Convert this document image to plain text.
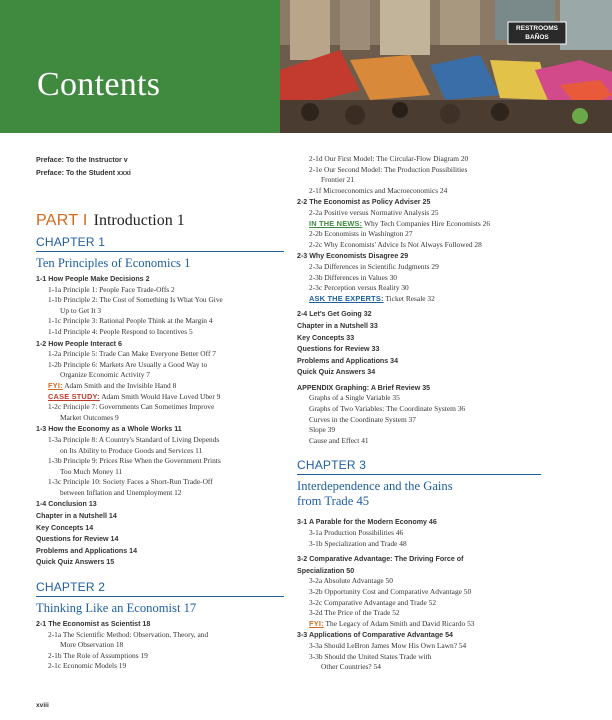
Contents
RESTROOMS
BAÑOS
Preface: To the Instructor v
Preface: To the Student xxxi
PART I Introduction 1
CHAPTER 1
Ten Principles of Economics 1
1-1 How People Make Decisions 2
1-1a Principle 1: People Face Trade-Offs 2
1-1b Principle 2: The Cost of Something Is What You Give
Up to Get It 3
1-1c Principle 3: Rational People Think at the Margin 4
1-1d Principle 4: People Respond to Incentives 5
1-2 How People Interact 6
1-2a Principle 5: Trade Can Make Everyone Better Off 7
1-2b Principle 6: Markets Are Usually a Good Way to
Organize Economic Activity 7
FYI: Adam Smith and the Invisible Hand 8
CASE STUDY: Adam Smith Would Have Loved Uber 9
1-2c Principle 7: Governments Can Sometimes Improve
Market Outcomes 9
1-3 How the Economy as a Whole Works 11
1-3a Principle 8: A Country's Standard of Living Depends
on Its Ability to Produce Goods and Services 11
1-3b Principle 9: Prices Rise When the Government Prints
Too Much Money 11
1-3c Principle 10: Society Faces a Short-Run Trade-Off
between Inflation and Unemployment 12
1-4 Conclusion 13
Chapter in a Nutshell 14
Key Concepts 14
Questions for Review 14
Problems and Applications 14
Quick Quiz Answers 15
CHAPTER 2
Thinking Like an Economist 17
2-1 The Economist as Scientist 18
2-1a The Scientific Method: Observation, Theory, and
More Observation 18
2-1b The Role of Assumptions 19
2-1c Economic Models 19
2-1d Our First Model: The Circular-Flow Diagram 20
2-1e Our Second Model: The Production Possibilities
Frontier 21
2-1f Microeconomics and Macroeconomics 24
2-2 The Economist as Policy Adviser 25
2-2a Positive versus Normative Analysis 25
IN THE NEWS: Why Tech Companies Hire Economists 26
2-2b Economists in Washington 27
2-2c Why Economists' Advice Is Not Always Followed 28
2-3 Why Economists Disagree 29
2-3a Differences in Scientific Judgments 29
2-3b Differences in Values 30
2-3c Perception versus Reality 30
ASK THE EXPERTS: Ticket Resale 32
2-4 Let's Get Going 32
Chapter in a Nutshell 33
Key Concepts 33
Questions for Review 33
Problems and Applications 34
Quick Quiz Answers 34
APPENDIX Graphing: A Brief Review 35
Graphs of a Single Variable 35
Graphs of Two Variables: The Coordinate System 36
Curves in the Coordinate System 37
Slope 39
Cause and Effect 41
CHAPTER 3
Interdependence and the Gains
from Trade 45
3-1 A Parable for the Modern Economy 46
3-1a Production Possibilities 46
3-1b Specialization and Trade 48
3-2 Comparative Advantage: The Driving Force of
Specialization 50
3-2a Absolute Advantage 50
3-2b Opportunity Cost and Comparative Advantage 50
3-2c Comparative Advantage and Trade 52
3-2d The Price of the Trade 52
FYI: The Legacy of Adam Smith and David Ricardo 53
3-3 Applications of Comparative Advantage 54
3-3a Should LeBron James Mow His Own Lawn? 54
3-3b Should the United States Trade with
Other Countries? 54
xviii
